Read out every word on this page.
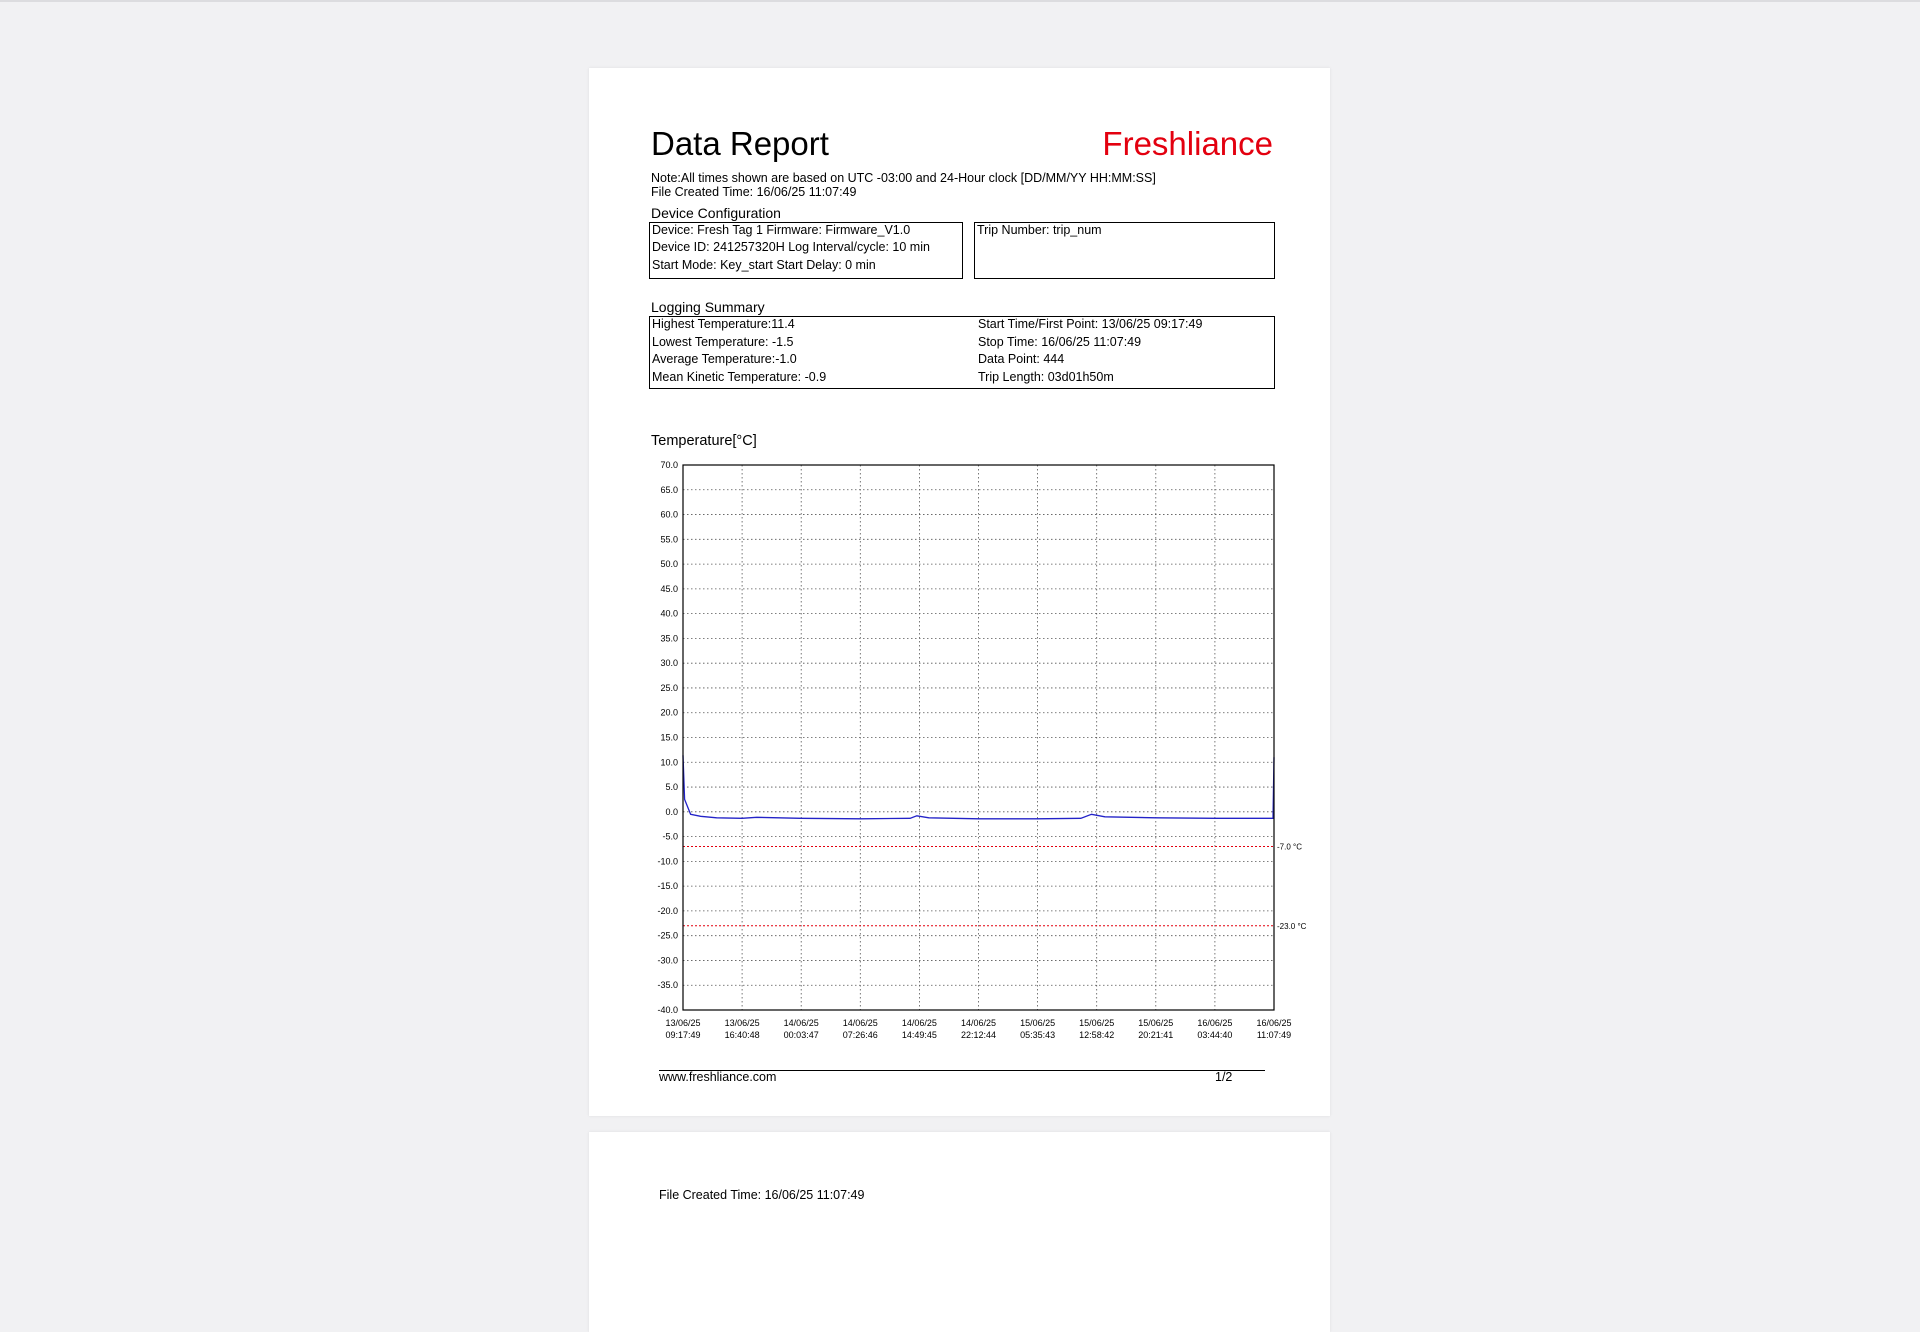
Data Report	Freshliance
Note:All times shown are based on UTC -03:00 and 24-Hour clock [DD/MM/YY HH:MM:SS]
File Created Time: 16/06/25 11:07:49
Device Configuration
Device: Fresh Tag 1 Firmware: Firmware_V1.0
Device ID: 241257320H Log Interval/cycle: 10 min
Start Mode: Key_start Start Delay: 0 min
Trip Number: trip_num
Logging Summary
Highest Temperature:11.4
Lowest Temperature: -1.5
Average Temperature:-1.0
Mean Kinetic Temperature: -0.9
Start Time/First Point: 13/06/25 09:17:49
Stop Time: 16/06/25 11:07:49
Data Point: 444
Trip Length: 03d01h50m
Temperature[°C]
70.0
65.0
60.0
55.0
50.0
45.0
40.0
35.0
30.0
25.0
20.0
15.0
10.0
5.0
0.0
-5.0
-10.0
-15.0
-20.0
-25.0
-30.0
-35.0
-40.0
13/06/25
09:17:49
13/06/25
16:40:48
14/06/25
00:03:47
14/06/25
07:26:46
14/06/25
14:49:45
14/06/25
22:12:44
15/06/25
05:35:43
15/06/25
12:58:42
15/06/25
20:21:41
16/06/25
03:44:40
16/06/25
11:07:49
-7.0 °C
-23.0 °C
www.freshliance.com	1/2
File Created Time: 16/06/25 11:07:49
